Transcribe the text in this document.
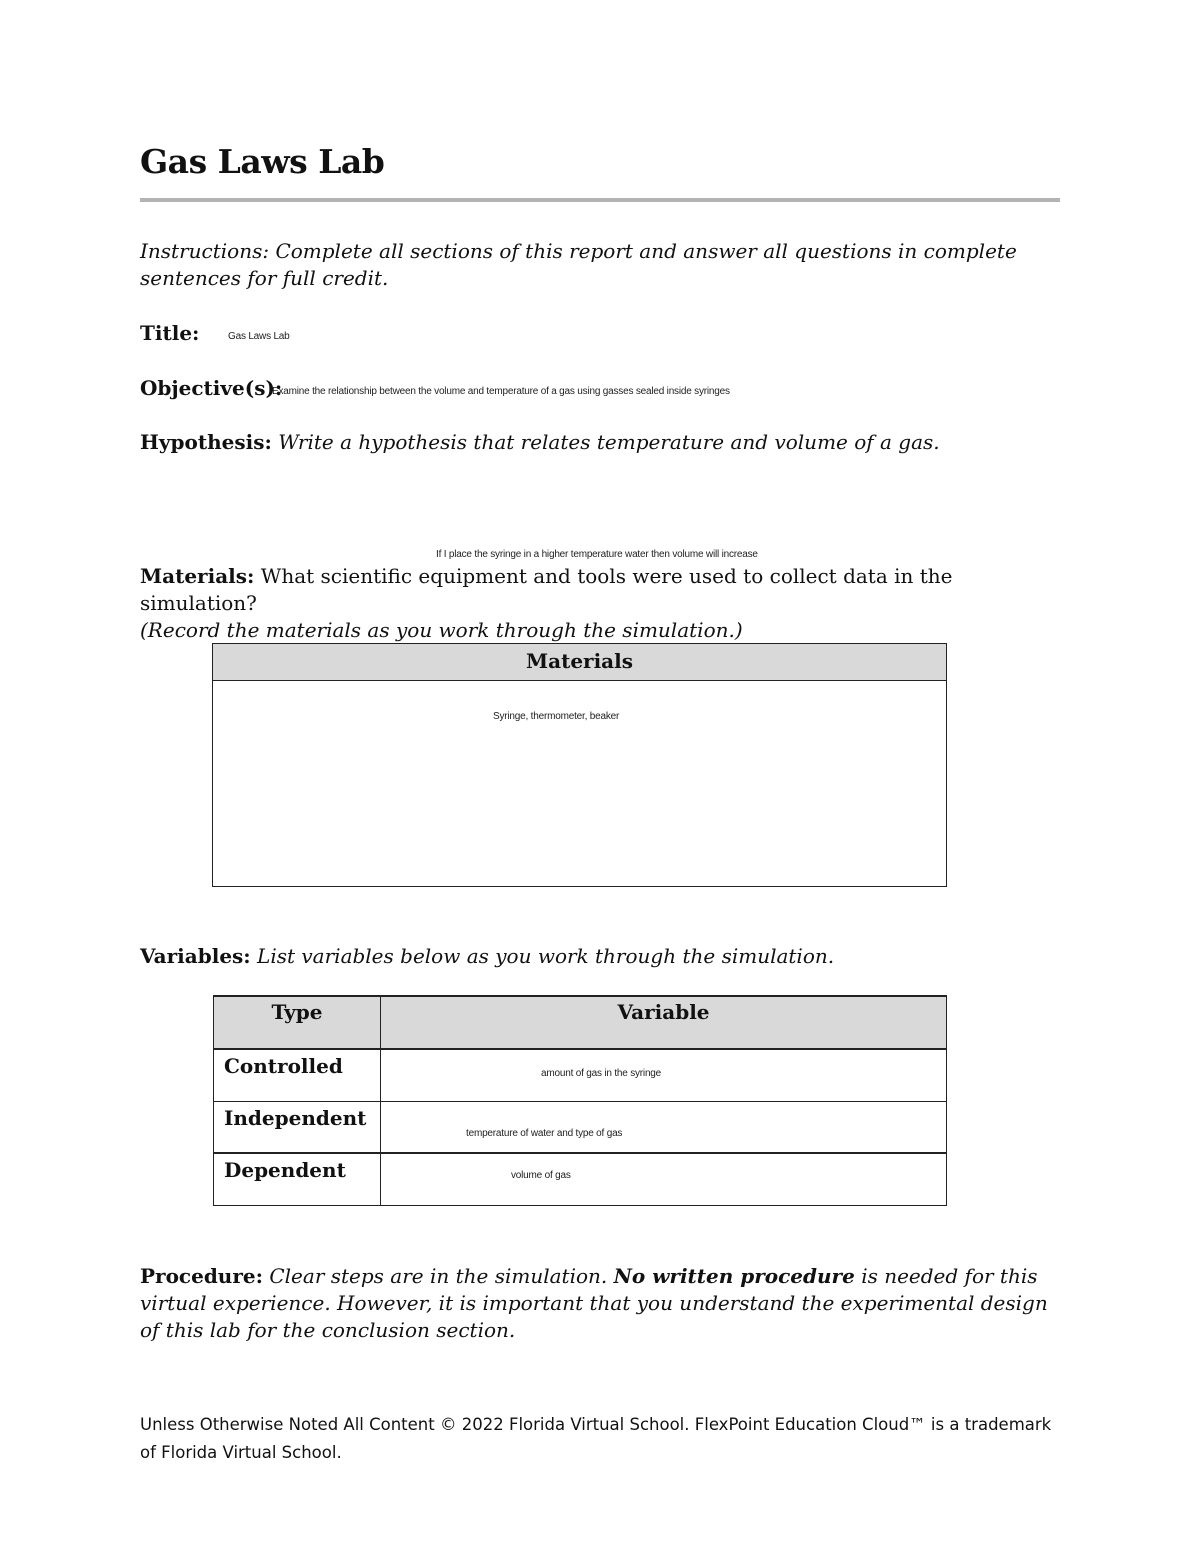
Gas Laws Lab
Instructions: Complete all sections of this report and answer all questions in complete sentences for full credit.
Title:	Gas Laws Lab
Objective(s):
Examine the relationship between the volume and temperature of a gas using gasses sealed inside syringes
Hypothesis: Write a hypothesis that relates temperature and volume of a gas.
If I place the syringe in a higher temperature water then volume will increase
Materials: What scientific equipment and tools were used to collect data in the simulation?
(Record the materials as you work through the simulation.)
Materials

Syringe, thermometer, beaker
Variables: List variables below as you work through the simulation.
Type	Variable
Controlled	amount of gas in the syringe

Independent	temperature of water and type of gas

Dependent	volume of gas
Procedure: Clear steps are in the simulation. No written procedure is needed for this virtual experience. However, it is important that you understand the experimental design of this lab for the conclusion section.
Unless Otherwise Noted All Content © 2022 Florida Virtual School. FlexPoint Education Cloud™ is a trademark of Florida Virtual School.
